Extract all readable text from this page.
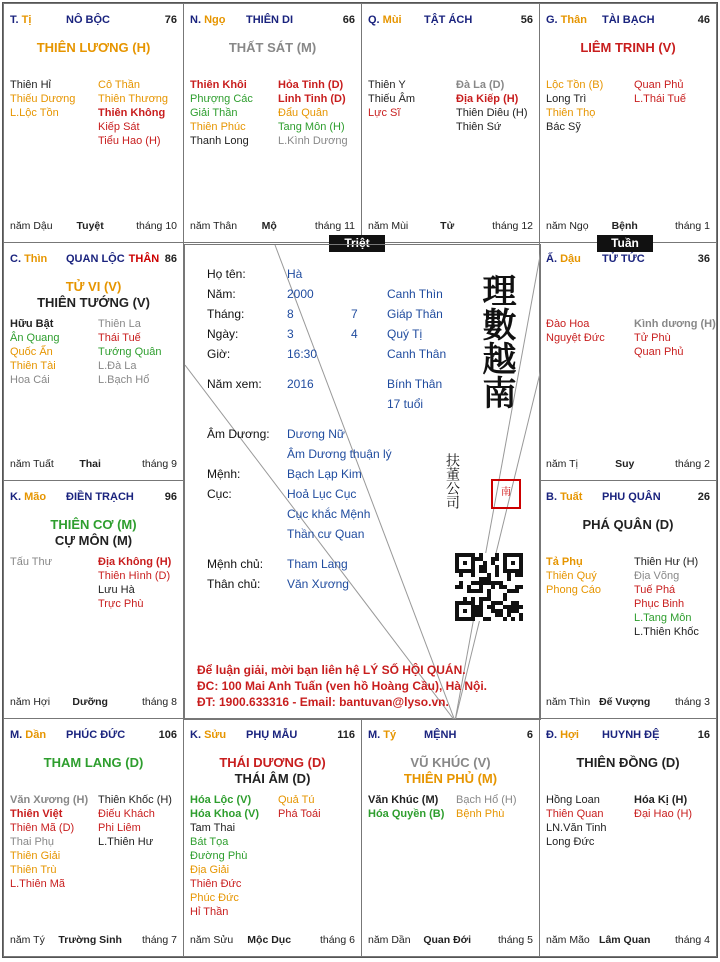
T. Tị	NÔ BỘC	76
THIÊN LƯƠNG (H)
Thiên Hỉ
Thiếu Dương
L.Lộc Tồn
Cô Thần
Thiên Thương
Thiên Không
Kiếp Sát
Tiểu Hao (H)
năm Dậu Tuyệt	tháng 10
N. Ngọ THIÊN DI	66
THẤT SÁT (M)
Thiên Khôi
Phượng Các
Giải Thần
Thiên Phúc
Thanh Long
Hỏa Tinh (D)
Linh Tinh (D)
Đẩu Quân
Tang Môn (H)
L.Kình Dương
năm Thân Mộ	tháng 11
Q. Mùi TẬT ÁCH	56
Thiên Y
Thiếu Âm
Lực Sĩ
Đà La (D)
Địa Kiếp (H)
Thiên Diêu (H)
Thiên Sứ
năm Mùi	Tử	tháng 12
G. Thân TÀI BẠCH	46
LIÊM TRINH (V)
Lộc Tồn (B)
Long Trì
Thiên Thọ
Bác Sỹ
Quan Phủ
L.Thái Tuế
năm Ngọ Bệnh	tháng 1
C. Thìn QUAN LỘC THÂN 86
TỬ VI (V)
THIÊN TƯỚNG (V)
Hữu Bật
Ân Quang
Quốc Ấn
Thiên Tài
Hoa Cái
Thiên La
Thái Tuế
Tướng Quân
L.Đà La
L.Bạch Hổ
năm Tuất Thai	tháng 9
Ấ. Dậu TỬ TỨC	36
Đào Hoa
Nguyệt Đức
Kình dương (H)
Tử Phù
Quan Phủ
năm Tị	Suy	tháng 2
K. Mão ĐIỀN TRẠCH	96
THIÊN CƠ (M)
CỰ MÔN (M)
Tấu Thư	Địa Không (H)
Thiên Hình (D)
Lưu Hà
Trực Phù
năm Hợi Dưỡng	tháng 8
B. Tuất PHU QUÂN	26
PHÁ QUÂN (D)
Tả Phụ
Thiên Quý
Phong Cáo
Thiên Hư (H)
Địa Võng
Tuế Phá
Phục Binh
L.Tang Môn
L.Thiên Khốc
năm Thìn Đế Vượng tháng 3
M. Dần PHÚC ĐỨC	106
THAM LANG (D)
Văn Xương (H)
Thiên Việt
Thiên Mã (D)
Thai Phụ
Thiên Giải
Thiên Trù
L.Thiên Mã
Thiên Khốc (H)
Điếu Khách
Phi Liêm
L.Thiên Hư
năm Tý Trường Sinh tháng 7
K. Sửu PHỤ MẪU	116
THÁI DƯƠNG (D)
THÁI ÂM (D)
Hóa Lộc (V)
Hóa Khoa (V)
Tam Thai
Bát Tọa
Đường Phù
Địa Giải
Thiên Đức
Phúc Đức
Hỉ Thần
Quả Tú
Phá Toái
năm Sửu Mộc Dục	tháng 6
M. Tý	MỆNH	6
VŨ KHÚC (V)
THIÊN PHỦ (M)
Văn Khúc (M)
Hóa Quyền (B)
Bạch Hổ (H)
Bệnh Phù
năm Dần Quan Đới	tháng 5
Đ. Hợi HUYNH ĐỆ	16
THIÊN ĐỒNG (D)
Hồng Loan
Thiên Quan
LN.Văn Tinh
Long Đức
Hóa Kị (H)
Đại Hao (H)
năm Mão Lâm Quan tháng 4
Triệt	Tuần
Họ tên:	Hà
Năm:	2000	Canh Thìn
Tháng:	8	7 Giáp Thân
Ngày:	3	4 Quý Tị
Giờ:	16:30	Canh Thân
Năm xem: 2016	Bính Thân
17 tuổi
Âm Dương: Dương Nữ
Âm Dương thuận lý
Mệnh:	Bạch Lạp Kim
Cục:	Hoả Lục Cục
Cục khắc Mệnh
Thần cư Quan
Mệnh chủ: Tham Lang
Thân chủ: Văn Xương
Để luận giải, mời bạn liên hệ LÝ SỐ HỘI QUÁN.
ĐC: 100 Mai Anh Tuấn (ven hồ Hoàng Cầu), Hà Nội.
ĐT: 1900.633316 - Email: bantuvan@lyso.vn.
理數越南
扶董公司	南
